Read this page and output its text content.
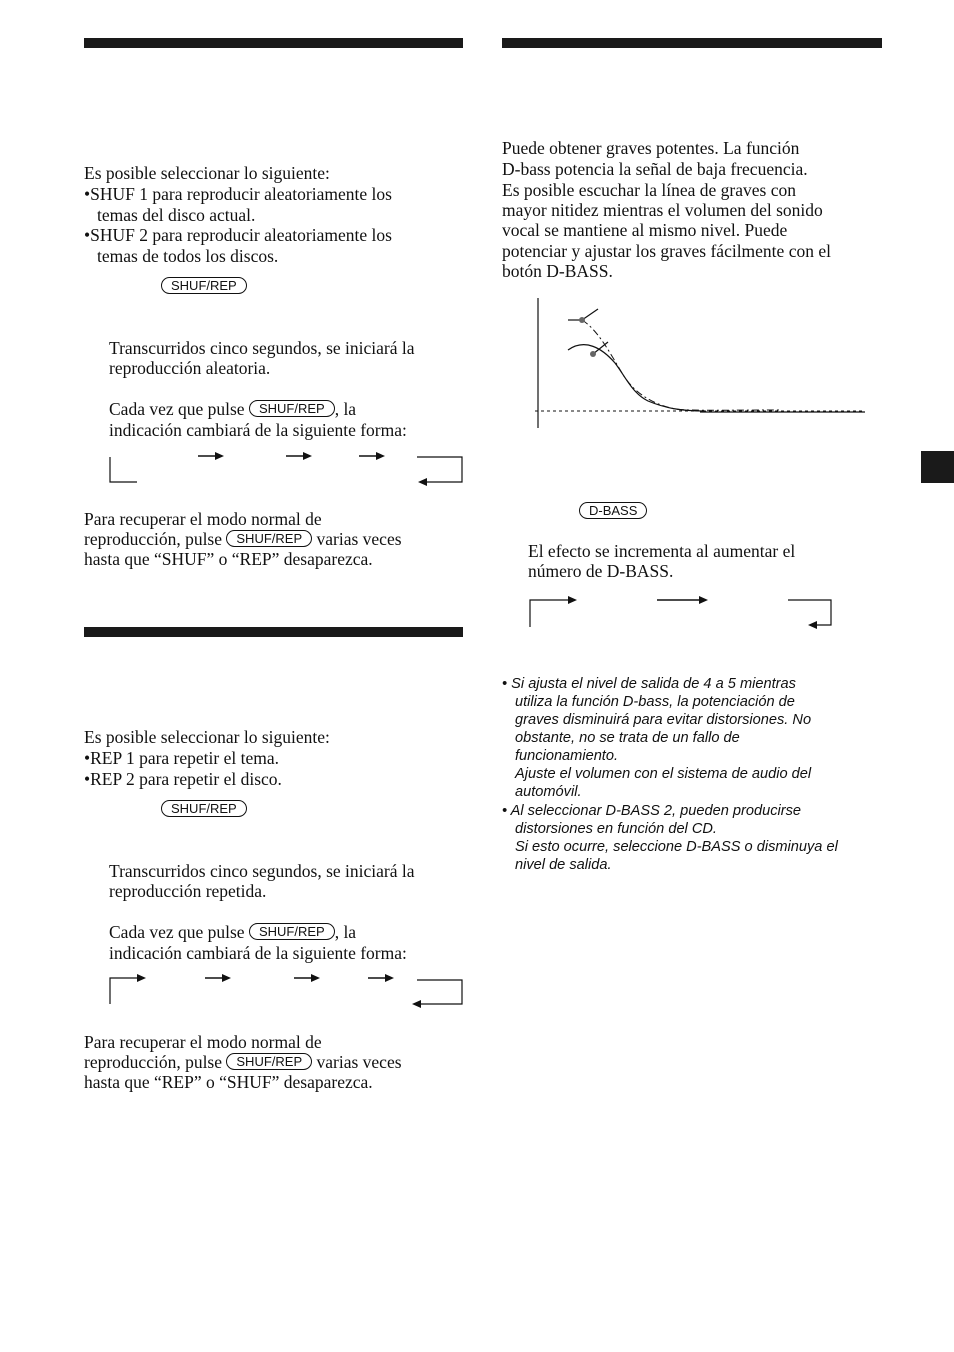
Es posible seleccionar lo siguiente:
•SHUF 1 para reproducir aleatoriamente los
temas del disco actual.
•SHUF 2 para reproducir aleatoriamente los
temas de todos los discos.
SHUF/REP
Transcurridos cinco segundos, se iniciará la
reproducción aleatoria.
Cada vez que pulse SHUF/REP , la
indicación cambiará de la siguiente forma:
Para recuperar el modo normal de
reproducción, pulse SHUF/REP varias veces
hasta que “SHUF” o “REP” desaparezca.
Es posible seleccionar lo siguiente:
•REP 1 para repetir el tema.
•REP 2 para repetir el disco.
SHUF/REP
Transcurridos cinco segundos, se iniciará la
reproducción repetida.
Cada vez que pulse SHUF/REP , la
indicación cambiará de la siguiente forma:
Para recuperar el modo normal de
reproducción, pulse SHUF/REP varias veces
hasta que “REP” o “SHUF” desaparezca.
Puede obtener graves potentes. La función
D-bass potencia la señal de baja frecuencia.
Es posible escuchar la línea de graves con
mayor nitidez mientras el volumen del sonido
vocal se mantiene al mismo nivel. Puede
potenciar y ajustar los graves fácilmente con el
botón D-BASS.
D-BASS
El efecto se incrementa al aumentar el
número de D-BASS.
• Si ajusta el nivel de salida de 4 a 5 mientras
utiliza la función D-bass, la potenciación de
graves disminuirá para evitar distorsiones. No
obstante, no se trata de un fallo de
funcionamiento.
Ajuste el volumen con el sistema de audio del
automóvil.
• Al seleccionar D-BASS 2, pueden producirse
distorsiones en función del CD.
Si esto ocurre, seleccione D-BASS o disminuya el
nivel de salida.
